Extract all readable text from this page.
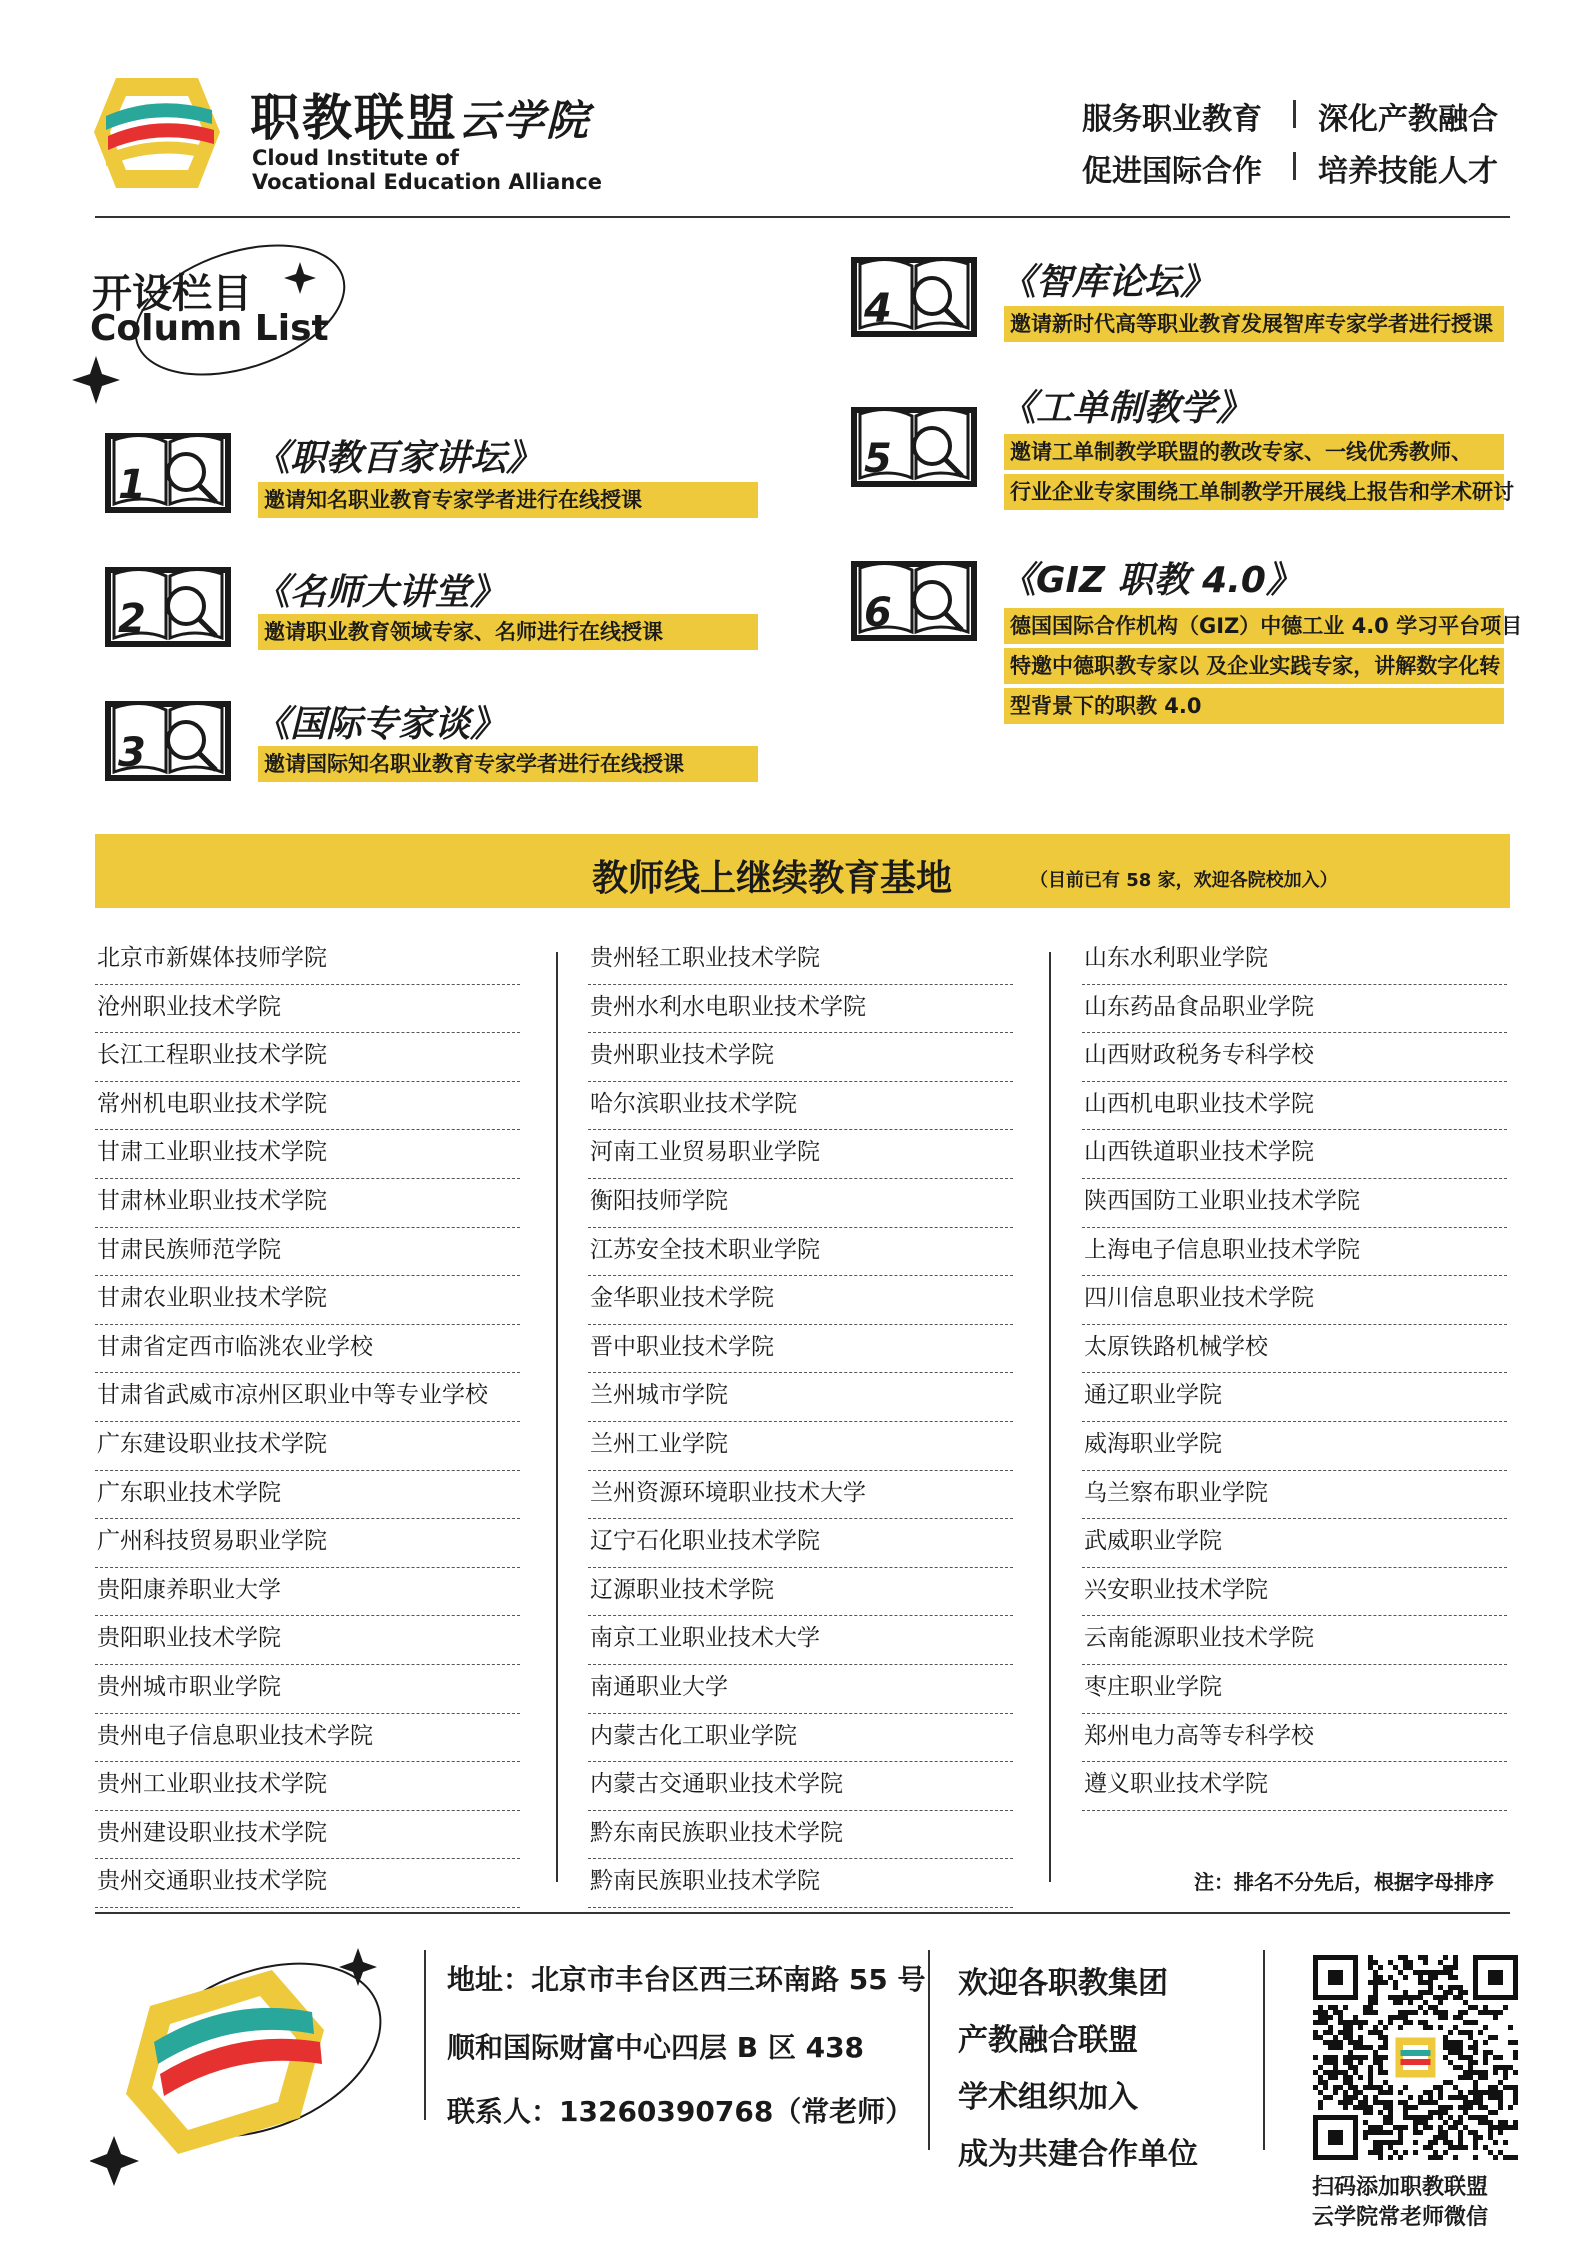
职教联盟云学院
Cloud Institute of
Vocational Education Alliance
服务职业教育 深化产教融合
促进国际合作 培养技能人才
开设栏目
Column List
1
《职教百家讲坛》
邀请知名职业教育专家学者进行在线授课
2
《名师大讲堂》
邀请职业教育领域专家、名师进行在线授课
3
《国际专家谈》
邀请国际知名职业教育专家学者进行在线授课
4
《智库论坛》
邀请新时代高等职业教育发展智库专家学者进行授课
5
《工单制教学》
邀请工单制教学联盟的教改专家、一线优秀教师、
行业企业专家围绕工单制教学开展线上报告和学术研讨
6
《GIZ 职教 4.0》
德国国际合作机构（GIZ）中德工业 4.0 学习平台项目
特邀中德职教专家以 及企业实践专家，讲解数字化转
型背景下的职教 4.0
教师线上继续教育基地	（目前已有 58 家，欢迎各院校加入）
北京市新媒体技师学院
沧州职业技术学院
长江工程职业技术学院
常州机电职业技术学院
甘肃工业职业技术学院
甘肃林业职业技术学院
甘肃民族师范学院
甘肃农业职业技术学院
甘肃省定西市临洮农业学校
甘肃省武威市凉州区职业中等专业学校
广东建设职业技术学院
广东职业技术学院
广州科技贸易职业学院
贵阳康养职业大学
贵阳职业技术学院
贵州城市职业学院
贵州电子信息职业技术学院
贵州工业职业技术学院
贵州建设职业技术学院
贵州交通职业技术学院
贵州轻工职业技术学院
贵州水利水电职业技术学院
贵州职业技术学院
哈尔滨职业技术学院
河南工业贸易职业学院
衡阳技师学院
江苏安全技术职业学院
金华职业技术学院
晋中职业技术学院
兰州城市学院
兰州工业学院
兰州资源环境职业技术大学
辽宁石化职业技术学院
辽源职业技术学院
南京工业职业技术大学
南通职业大学
内蒙古化工职业学院
内蒙古交通职业技术学院
黔东南民族职业技术学院
黔南民族职业技术学院
山东水利职业学院
山东药品食品职业学院
山西财政税务专科学校
山西机电职业技术学院
山西铁道职业技术学院
陕西国防工业职业技术学院
上海电子信息职业技术学院
四川信息职业技术学院
太原铁路机械学校
通辽职业学院
威海职业学院
乌兰察布职业学院
武威职业学院
兴安职业技术学院
云南能源职业技术学院
枣庄职业学院
郑州电力高等专科学校
遵义职业技术学院
注：排名不分先后，根据字母排序
地址：北京市丰台区西三环南路 55 号
顺和国际财富中心四层 B 区 438
联系人：13260390768（常老师）
欢迎各职教集团
产教融合联盟
学术组织加入
成为共建合作单位
扫码添加职教联盟
云学院常老师微信
